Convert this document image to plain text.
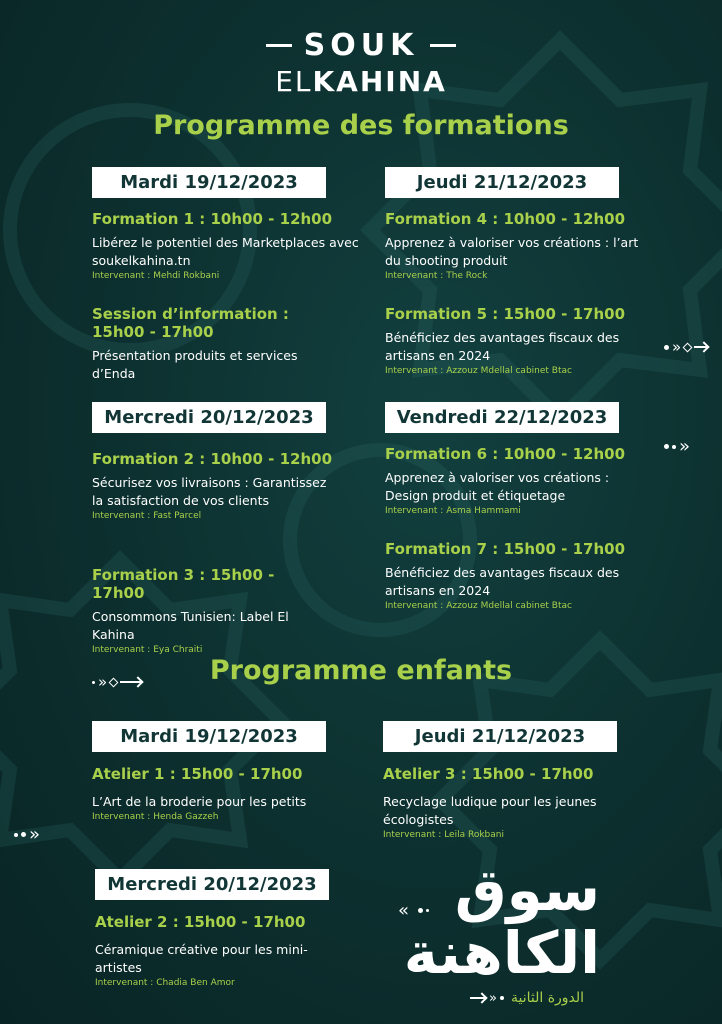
SOUK
ELKAHINA
Programme des formations
Mardi 19/12/2023
Formation 1 : 10h00 - 12h00
Libérez le potentiel des Marketplaces avec soukelkahina.tn
Intervenant : Mehdi Rokbani
Session d’information : 15h00 - 17h00
Présentation produits et services d’Enda
Jeudi 21/12/2023
Formation 4 : 10h00 - 12h00
Apprenez à valoriser vos créations : l’art du shooting produit
Intervenant : The Rock
Formation 5 : 15h00 - 17h00
Bénéficiez des avantages fiscaux des artisans en 2024
Intervenant : Azzouz Mdellal cabinet Btac
»
Mercredi 20/12/2023
Formation 2 : 10h00 - 12h00
Sécurisez vos livraisons : Garantissez la satisfaction de vos clients
Intervenant : Fast Parcel
Formation 3 : 15h00 - 17h00
Consommons Tunisien: Label El Kahina
Intervenant : Eya Chraiti
Vendredi 22/12/2023
Formation 6 : 10h00 - 12h00
Apprenez à valoriser vos créations : Design produit et étiquetage
Intervenant : Asma Hammami
Formation 7 : 15h00 - 17h00
Bénéficiez des avantages fiscaux des artisans en 2024
Intervenant : Azzouz Mdellal cabinet Btac
»
Programme enfants
»
Mardi 19/12/2023
Atelier 1 : 15h00 - 17h00
L’Art de la broderie pour les petits
Intervenant : Henda Gazzeh
Jeudi 21/12/2023
Atelier 3 : 15h00 - 17h00
Recyclage ludique pour les jeunes écologistes
Intervenant : Leila Rokbani
»
Mercredi 20/12/2023
Atelier 2 : 15h00 - 17h00
Céramique créative pour les mini-artistes
Intervenant : Chadia Ben Amor
« سوق
الكاهنة
» الدورة الثانية
